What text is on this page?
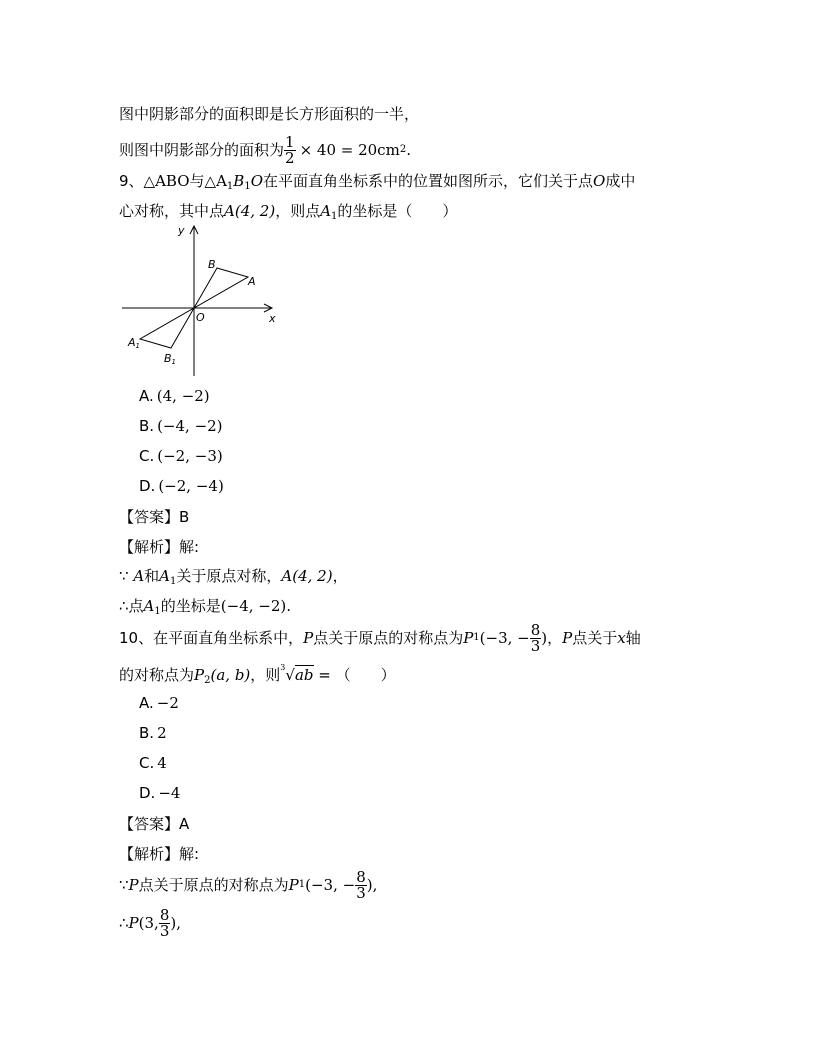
图中阴影部分的面积即是长方形面积的一半，
则图中阴影部分的面积为 $\frac{1}{2} \times 40 = 20cm$ 2 .
9、△ABO与$\triangle A_1B_1O$在平面直角坐标系中的位置如图所示，它们关于点O成中
心对称，其中点A(4, 2)，则点$A_1$的坐标是（　　）
y
x
B
A
O
A1
B1
A. (4, −2)
B. (−4, −2)
C. (−2, −3)
D. (−2, −4)
【答案】B
【解析】解:
∵ A和$A_1$关于原点对称，A(4, 2)，
∴点$A_1$的坐标是(−4, −2).
10、在平面直角坐标系中， P 点关于原点的对称点为 P 1 (−3, − $\frac{8}{3}$ ) ， P 点关于 x 轴
的对称点为$P_2(a$, b)，则$^3$√ab = （　　）
A. −2
B. 2
C. 4
D. −4
【答案】A
【解析】解:
∵ P 点关于原点的对称点为 P 1 (−3, − $\frac{8}{3}$ ),
∴ P (3, $\frac{8}{3}$ ),
